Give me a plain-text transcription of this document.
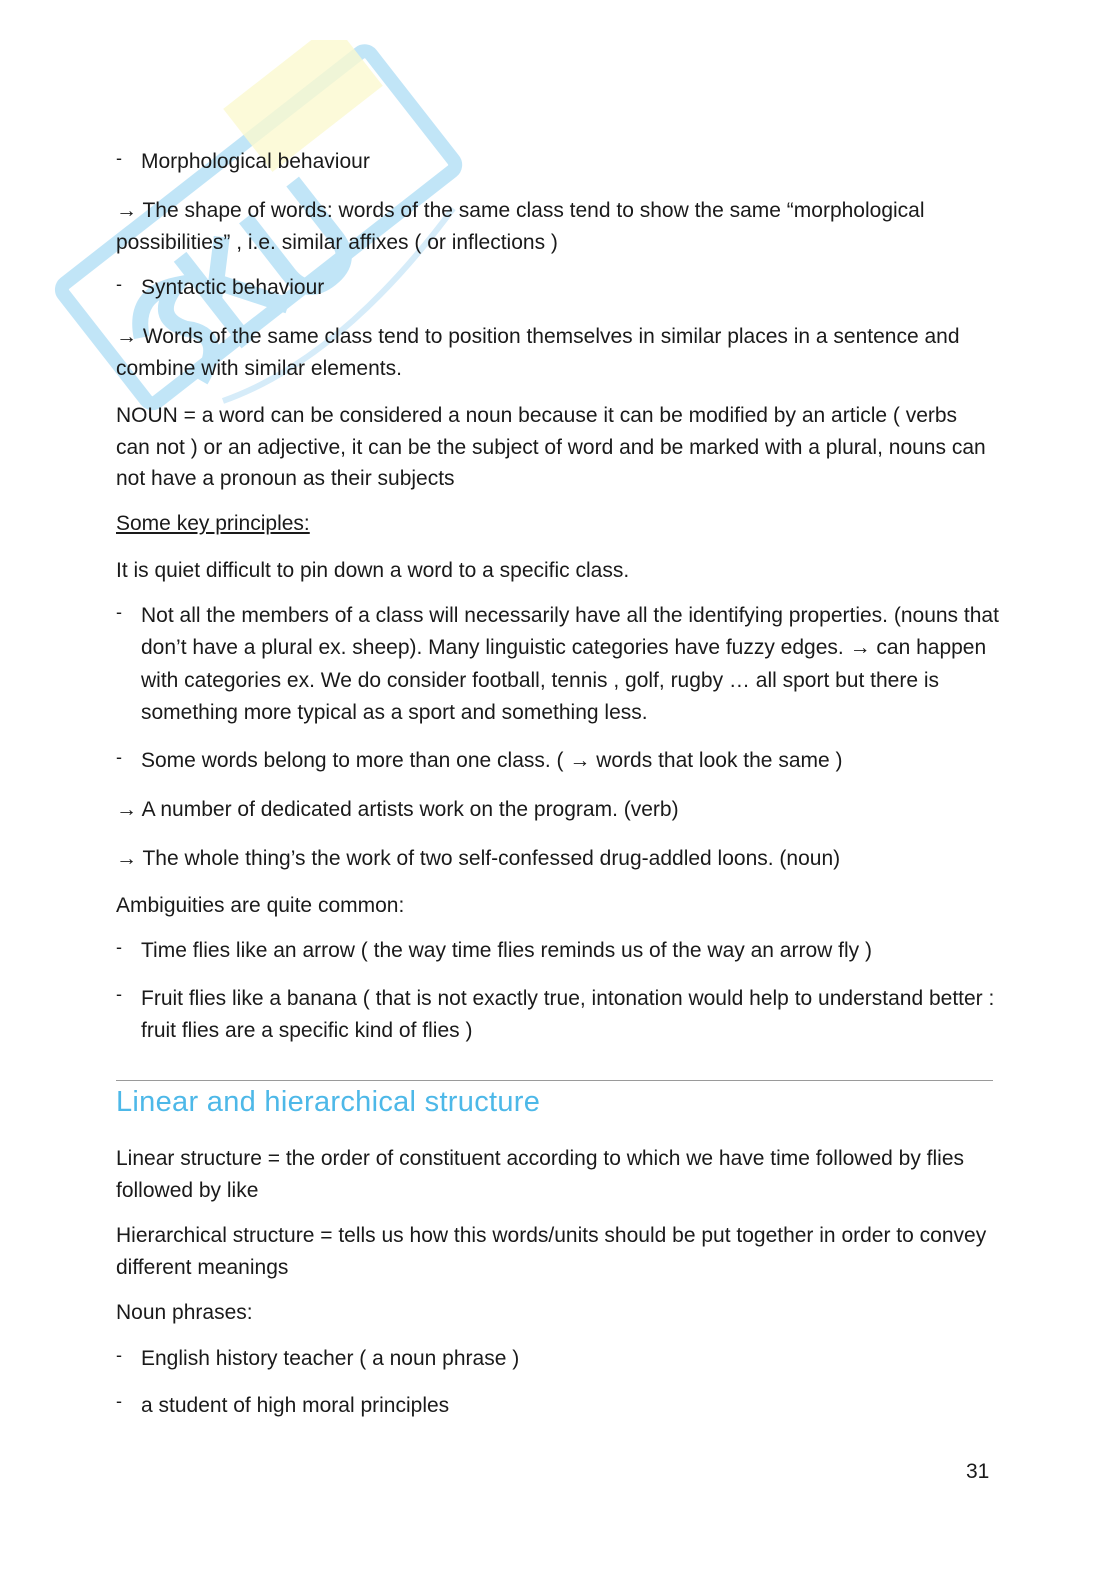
- Morphological behaviour
→ The shape of words: words of the same class tend to show the same “morphological possibilities” , i.e. similar affixes ( or inflections )
- Syntactic behaviour
→ Words of the same class tend to position themselves in similar places in a sentence and combine with similar elements.
NOUN = a word can be considered a noun because it can be modified by an article ( verbs can not ) or an adjective, it can be the subject of word and be marked with a plural, nouns can not have a pronoun as their subjects
Some key principles:
It is quiet difficult to pin down a word to a specific class.
- Not all the members of a class will necessarily have all the identifying properties. (nouns that don’t have a plural ex. sheep). Many linguistic categories have fuzzy edges. → can happen with categories ex. We do consider football, tennis , golf, rugby … all sport but there is something more typical as a sport and something less.
- Some words belong to more than one class. ( → words that look the same )
→ A number of dedicated artists work on the program. (verb)
→ The whole thing’s the work of two self-confessed drug-addled loons. (noun)
Ambiguities are quite common:
- Time flies like an arrow ( the way time flies reminds us of the way an arrow fly )
- Fruit flies like a banana ( that is not exactly true, intonation would help to understand better : fruit flies are a specific kind of flies )
Linear and hierarchical structure
Linear structure = the order of constituent according to which we have time followed by flies followed by like
Hierarchical structure = tells us how this words/units should be put together in order to convey different meanings
Noun phrases:
- English history teacher ( a noun phrase )
- a student of high moral principles
31
